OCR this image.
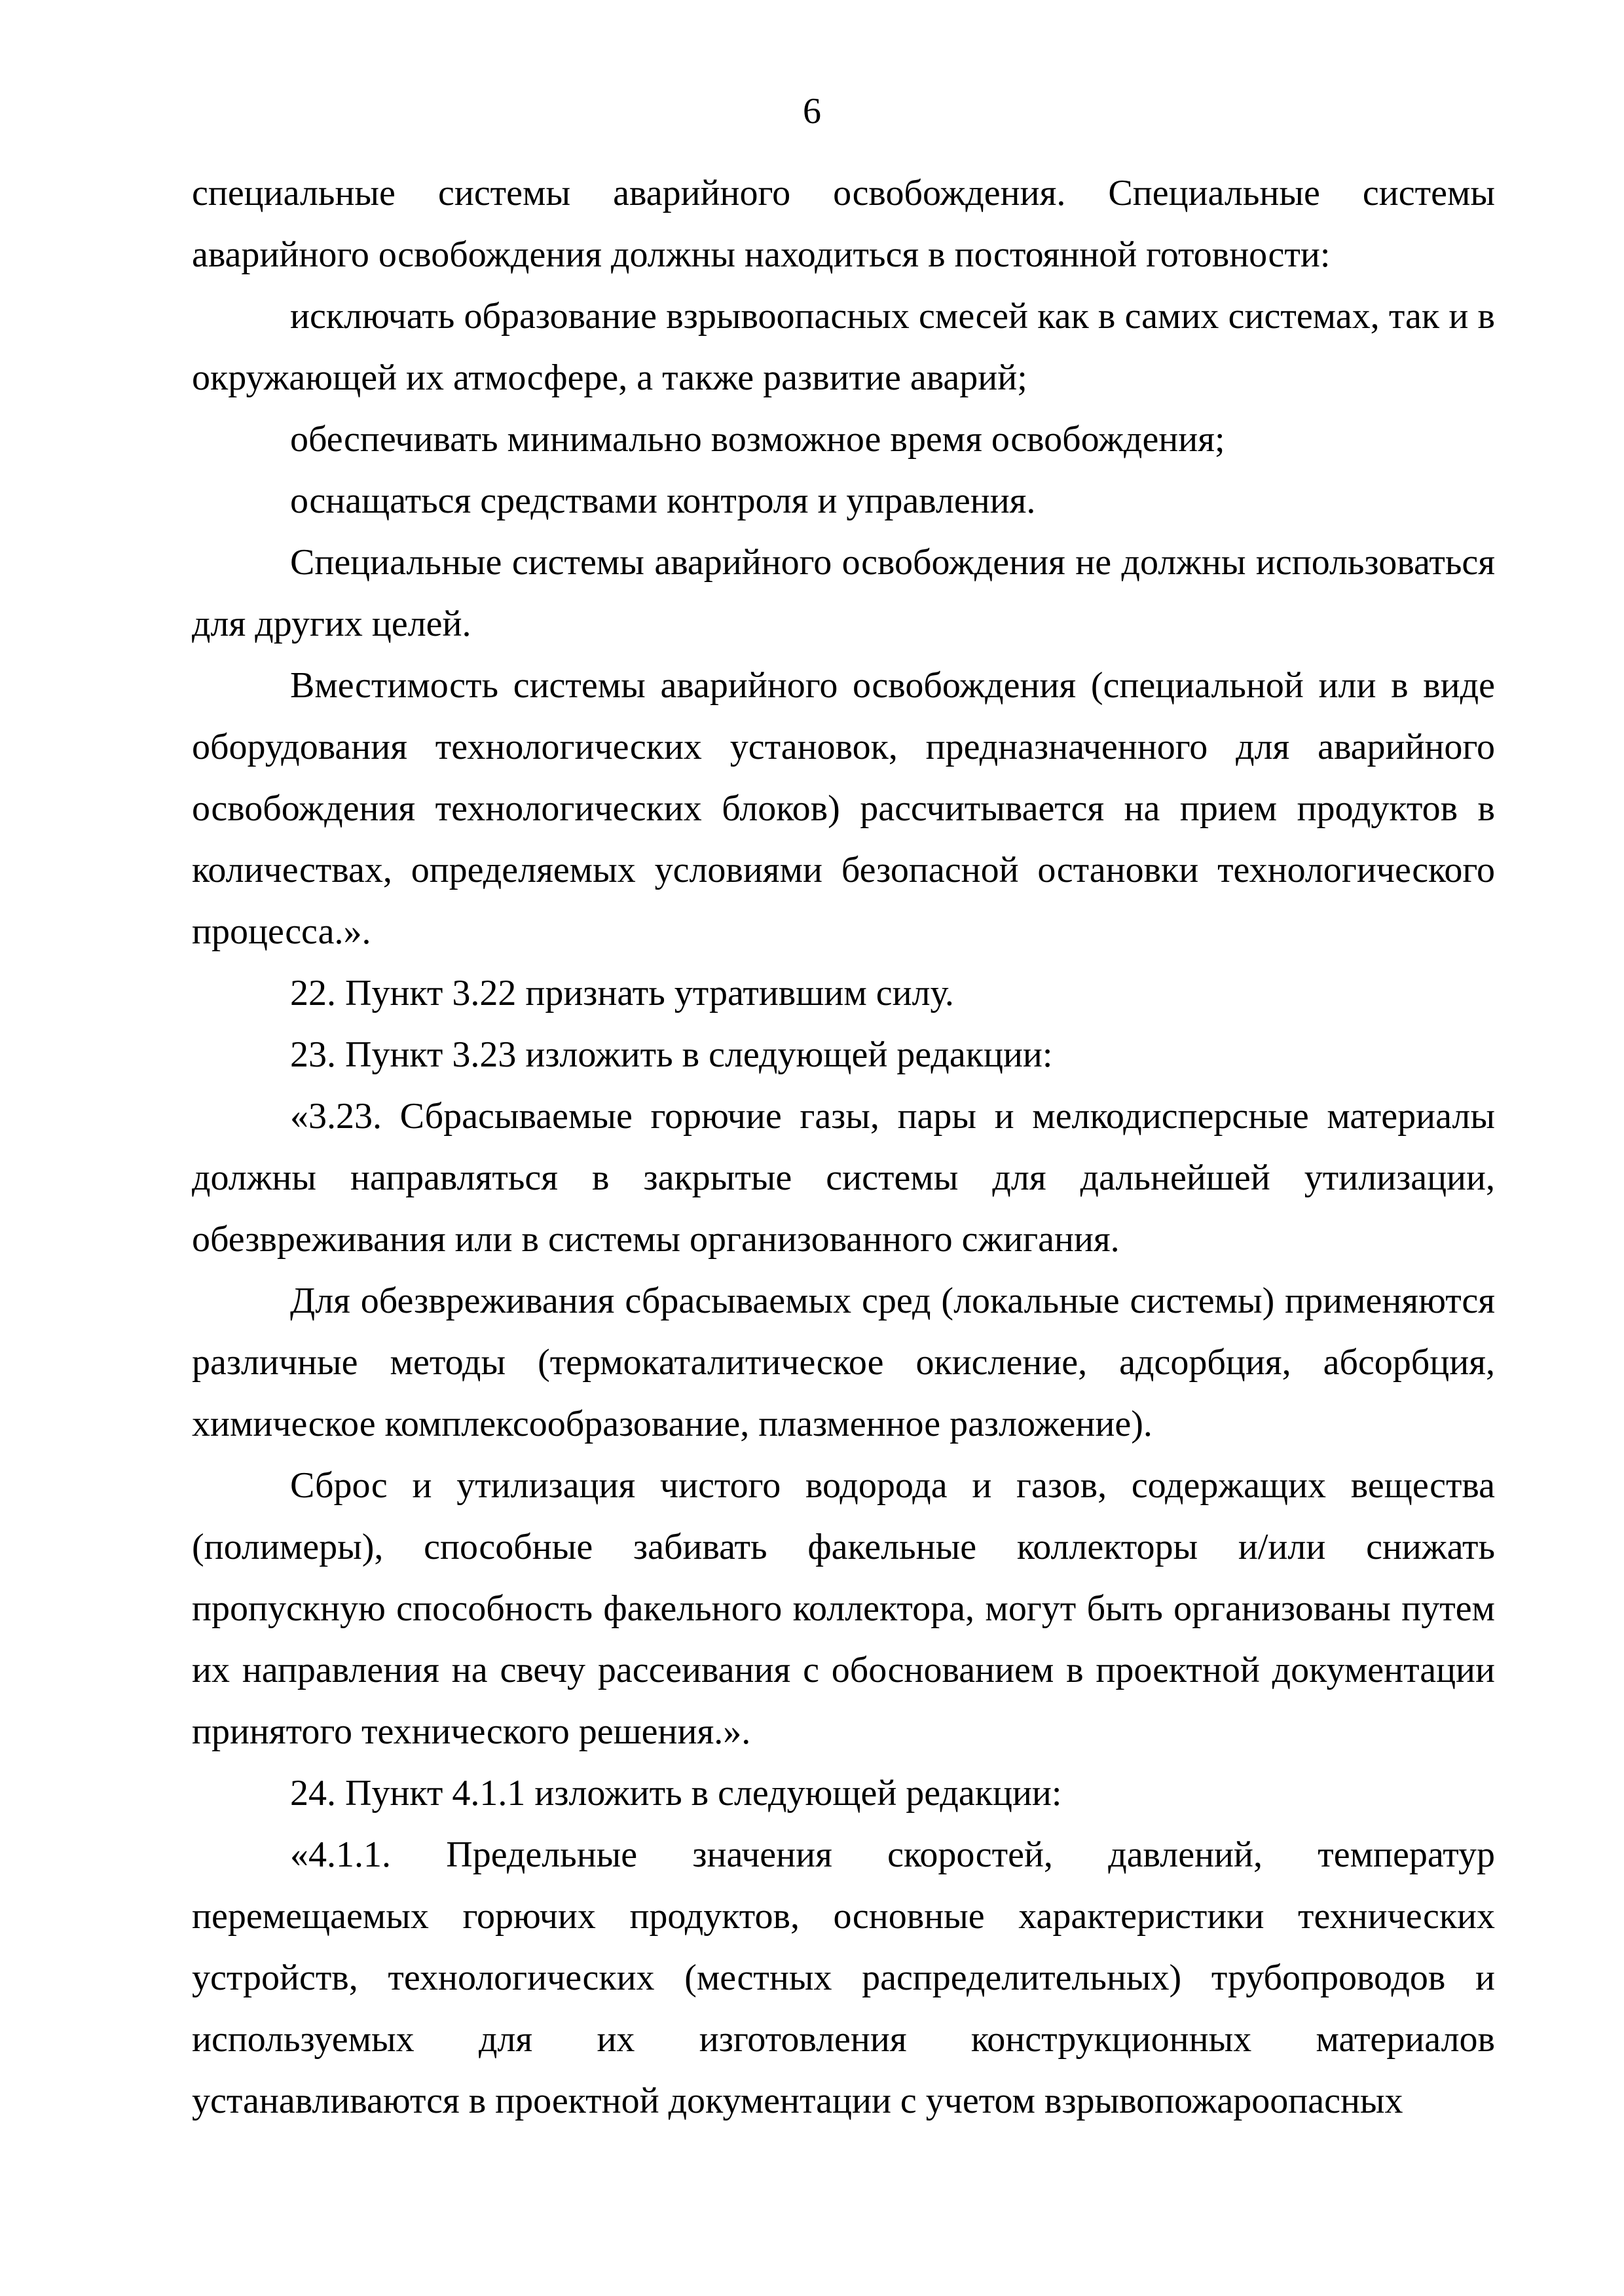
6

специальные системы аварийного освобождения. Специальные системы аварийного освобождения должны находиться в постоянной готовности:

исключать образование взрывоопасных смесей как в самих системах, так и в окружающей их атмосфере, а также развитие аварий;

обеспечивать минимально возможное время освобождения;

оснащаться средствами контроля и управления.

Специальные системы аварийного освобождения не должны использоваться для других целей.

Вместимость системы аварийного освобождения (специальной или в виде оборудования технологических установок, предназначенного для аварийного освобождения технологических блоков) рассчитывается на прием продуктов в количествах, определяемых условиями безопасной остановки технологического процесса.».

22. Пункт 3.22 признать утратившим силу.

23. Пункт 3.23 изложить в следующей редакции:

«3.23. Сбрасываемые горючие газы, пары и мелкодисперсные материалы должны направляться в закрытые системы для дальнейшей утилизации, обезвреживания или в системы организованного сжигания.

Для обезвреживания сбрасываемых сред (локальные системы) применяются различные методы (термокаталитическое окисление, адсорбция, абсорбция, химическое комплексообразование, плазменное разложение).

Сброс и утилизация чистого водорода и газов, содержащих вещества (полимеры), способные забивать факельные коллекторы и/или снижать пропускную способность факельного коллектора, могут быть организованы путем их направления на свечу рассеивания с обоснованием в проектной документации принятого технического решения.».

24. Пункт 4.1.1 изложить в следующей редакции:

«4.1.1. Предельные значения скоростей, давлений, температур перемещаемых горючих продуктов, основные характеристики технических устройств, технологических (местных распределительных) трубопроводов и используемых для их изготовления конструкционных материалов устанавливаются в проектной документации с учетом взрывопожароопасных
